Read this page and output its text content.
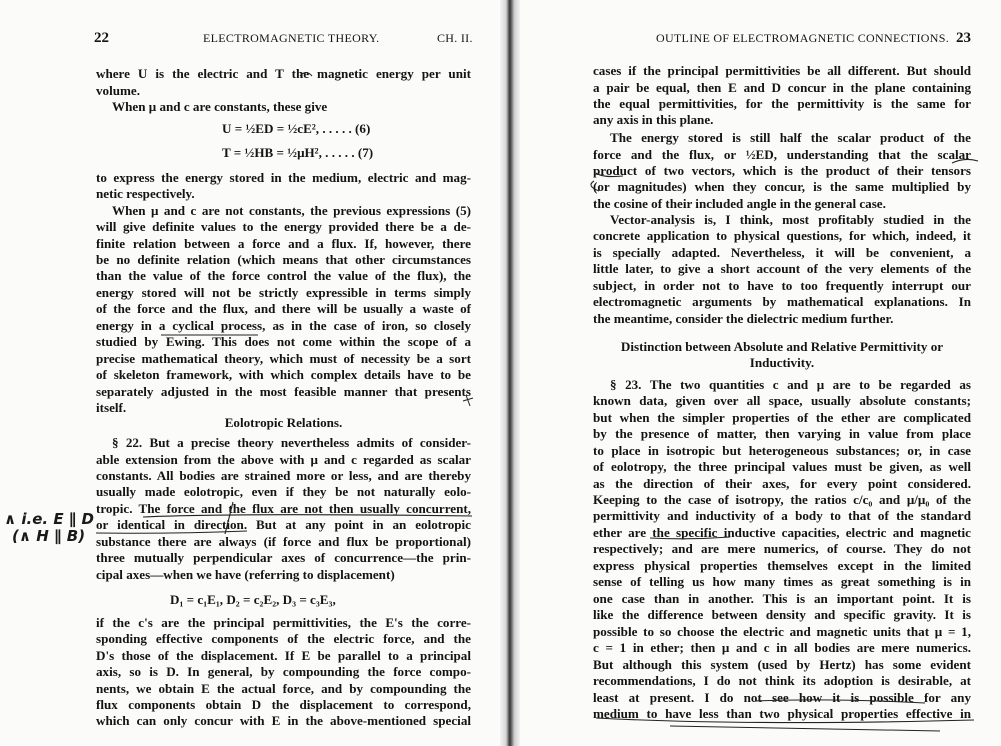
22	ELECTROMAGNETIC THEORY.	CH. II.
where U is the electric and T the magnetic energy per unit
volume.
When μ and c are constants, these give
U = ½ED = ½cE², . . . . . (6)
T = ½HB = ½μH², . . . . . (7)
to express the energy stored in the medium, electric and mag-
netic respectively.
When μ and c are not constants, the previous expressions (5)
will give definite values to the energy provided there be a de-
finite relation between a force and a flux. If, however, there
be no definite relation (which means that other circumstances
than the value of the force control the value of the flux), the
energy stored will not be strictly expressible in terms simply
of the force and the flux, and there will be usually a waste of
energy in a cyclical process, as in the case of iron, so closely
studied by Ewing. This does not come within the scope of a
precise mathematical theory, which must of necessity be a sort
of skeleton framework, with which complex details have to be
separately adjusted in the most feasible manner that presents
itself.
Eolotropic Relations.
§ 22. But a precise theory nevertheless admits of consider-
able extension from the above with μ and c regarded as scalar
constants. All bodies are strained more or less, and are thereby
usually made eolotropic, even if they be not naturally eolo-
tropic. The force and the flux are not then usually concurrent,
or identical in direction. But at any point in an eolotropic
substance there are always (if force and flux be proportional)
three mutually perpendicular axes of concurrence—the prin-
cipal axes—when we have (referring to displacement)
D₁ = c₁E₁, D₂ = c₂E₂, D₃ = c₃E₃,
if the c's are the principal permittivities, the E's the corre-
sponding effective components of the electric force, and the
D's those of the displacement. If E be parallel to a principal
axis, so is D. In general, by compounding the force compo-
nents, we obtain E the actual force, and by compounding the
flux components obtain D the displacement to correspond,
which can only concur with E in the above-mentioned special
∧ i.e. E ∥ D
(∧ H ∥ B)
OUTLINE OF ELECTROMAGNETIC CONNECTIONS. 23
cases if the principal permittivities be all different. But should
a pair be equal, then E and D concur in the plane containing
the equal permittivities, for the permittivity is the same for
any axis in this plane.
The energy stored is still half the scalar product of the
force and the flux, or ½ED, understanding that the scalar
product of two vectors, which is the product of their tensors
(or magnitudes) when they concur, is the same multiplied by
the cosine of their included angle in the general case.
Vector-analysis is, I think, most profitably studied in the
concrete application to physical questions, for which, indeed, it
is specially adapted. Nevertheless, it will be convenient, a
little later, to give a short account of the very elements of the
subject, in order not to have to too frequently interrupt our
electromagnetic arguments by mathematical explanations. In
the meantime, consider the dielectric medium further.
Distinction between Absolute and Relative Permittivity or
Inductivity.
§ 23. The two quantities c and μ are to be regarded as
known data, given over all space, usually absolute constants;
but when the simpler properties of the ether are complicated
by the presence of matter, then varying in value from place
to place in isotropic but heterogeneous substances; or, in case
of eolotropy, the three principal values must be given, as well
as the direction of their axes, for every point considered.
Keeping to the case of isotropy, the ratios c/c₀ and μ/μ₀ of the
permittivity and inductivity of a body to that of the standard
ether are the specific inductive capacities, electric and magnetic
respectively; and are mere numerics, of course. They do not
express physical properties themselves except in the limited
sense of telling us how many times as great something is in
one case than in another. This is an important point. It is
like the difference between density and specific gravity. It is
possible to so choose the electric and magnetic units that μ = 1,
c = 1 in ether; then μ and c in all bodies are mere numerics.
But although this system (used by Hertz) has some evident
recommendations, I do not think its adoption is desirable, at
least at present. I do not see how it is possible for any
medium to have less than two physical properties effective in
